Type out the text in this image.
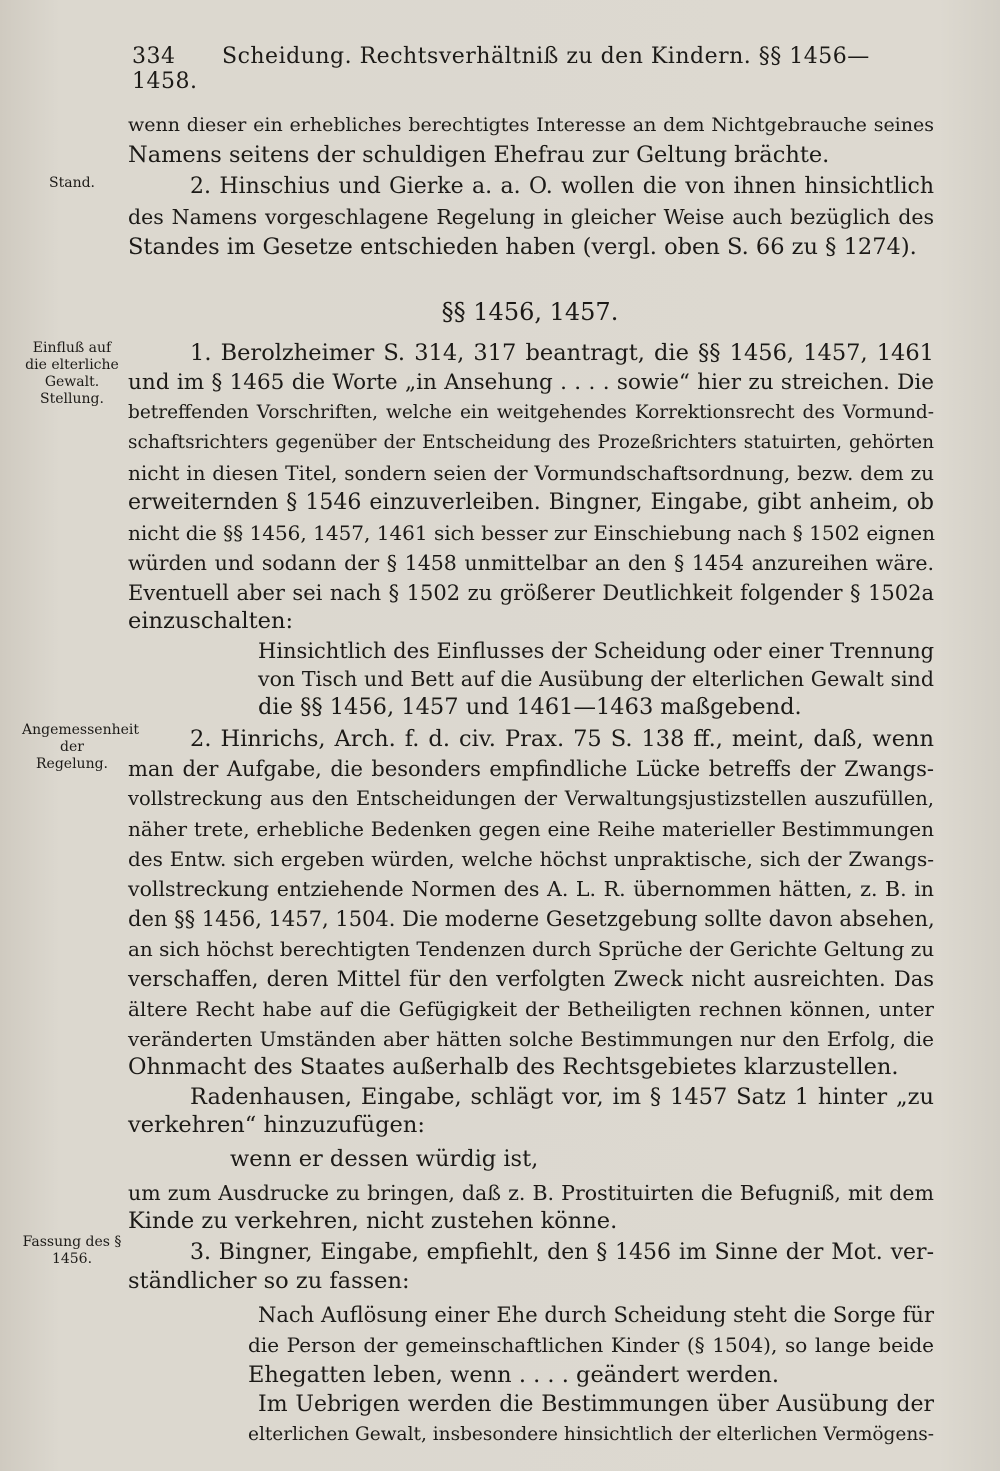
334 Scheidung. Rechtsverhältniß zu den Kindern. §§ 1456—1458.
Stand.
Einfluß auf die elterliche Gewalt. Stellung.
Angemessenheit der Regelung.
Fassung des § 1456.
§§ 1456, 1457.
wenn dieser ein erhebliches berechtigtes Interesse an dem Nichtgebrauche seines
Namens seitens der schuldigen Ehefrau zur Geltung brächte.
2. Hinschius und Gierke a. a. O. wollen die von ihnen hinsichtlich
des Namens vorgeschlagene Regelung in gleicher Weise auch bezüglich des
Standes im Gesetze entschieden haben (vergl. oben S. 66 zu § 1274).
1. Berolzheimer S. 314, 317 beantragt, die §§ 1456, 1457, 1461
und im § 1465 die Worte „in Ansehung . . . . sowie“ hier zu streichen. Die
betreffenden Vorschriften, welche ein weitgehendes Korrektionsrecht des Vormund-
schaftsrichters gegenüber der Entscheidung des Prozeßrichters statuirten, gehörten
nicht in diesen Titel, sondern seien der Vormundschaftsordnung, bezw. dem zu
erweiternden § 1546 einzuverleiben. Bingner, Eingabe, gibt anheim, ob
nicht die §§ 1456, 1457, 1461 sich besser zur Einschiebung nach § 1502 eignen
würden und sodann der § 1458 unmittelbar an den § 1454 anzureihen wäre.
Eventuell aber sei nach § 1502 zu größerer Deutlichkeit folgender § 1502a
einzuschalten:
Hinsichtlich des Einflusses der Scheidung oder einer Trennung
von Tisch und Bett auf die Ausübung der elterlichen Gewalt sind
die §§ 1456, 1457 und 1461—1463 maßgebend.
2. Hinrichs, Arch. f. d. civ. Prax. 75 S. 138 ff., meint, daß, wenn
man der Aufgabe, die besonders empfindliche Lücke betreffs der Zwangs-
vollstreckung aus den Entscheidungen der Verwaltungsjustizstellen auszufüllen,
näher trete, erhebliche Bedenken gegen eine Reihe materieller Bestimmungen
des Entw. sich ergeben würden, welche höchst unpraktische, sich der Zwangs-
vollstreckung entziehende Normen des A. L. R. übernommen hätten, z. B. in
den §§ 1456, 1457, 1504. Die moderne Gesetzgebung sollte davon absehen,
an sich höchst berechtigten Tendenzen durch Sprüche der Gerichte Geltung zu
verschaffen, deren Mittel für den verfolgten Zweck nicht ausreichten. Das
ältere Recht habe auf die Gefügigkeit der Betheiligten rechnen können, unter
veränderten Umständen aber hätten solche Bestimmungen nur den Erfolg, die
Ohnmacht des Staates außerhalb des Rechtsgebietes klarzustellen.
Radenhausen, Eingabe, schlägt vor, im § 1457 Satz 1 hinter „zu
verkehren“ hinzuzufügen:
wenn er dessen würdig ist,
um zum Ausdrucke zu bringen, daß z. B. Prostituirten die Befugniß, mit dem
Kinde zu verkehren, nicht zustehen könne.
3. Bingner, Eingabe, empfiehlt, den § 1456 im Sinne der Mot. ver-
ständlicher so zu fassen:
Nach Auflösung einer Ehe durch Scheidung steht die Sorge für
die Person der gemeinschaftlichen Kinder (§ 1504), so lange beide
Ehegatten leben, wenn . . . . geändert werden.
Im Uebrigen werden die Bestimmungen über Ausübung der
elterlichen Gewalt, insbesondere hinsichtlich der elterlichen Vermögens-
